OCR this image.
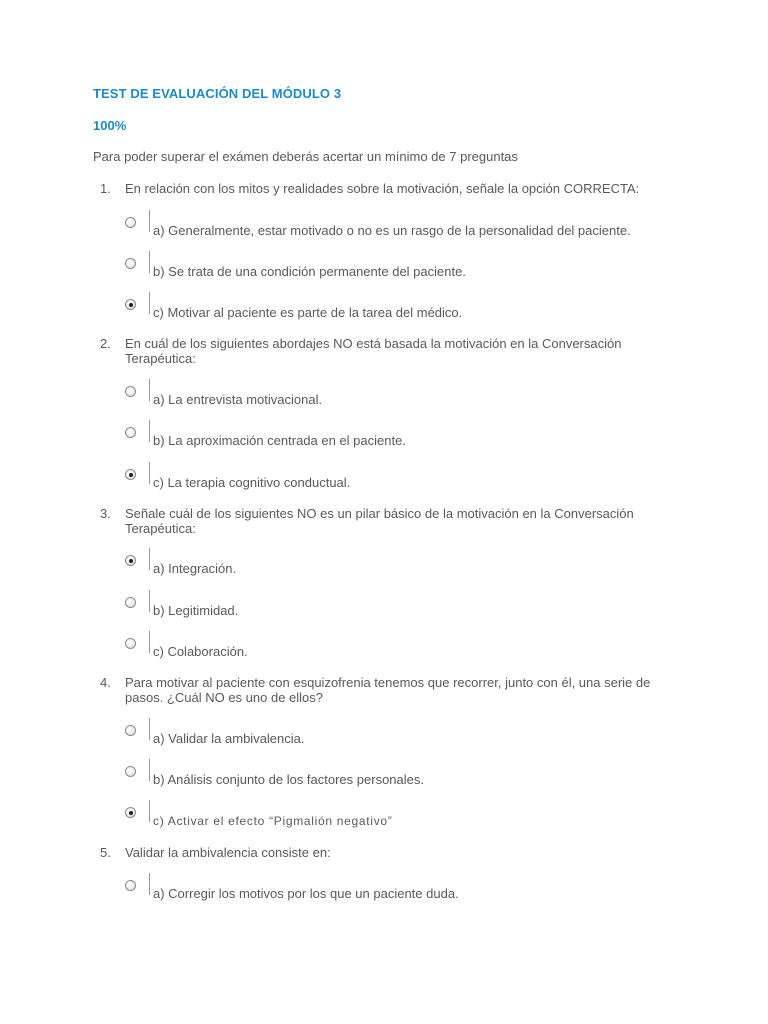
TEST DE EVALUACIÓN DEL MÓDULO 3
100%
Para poder superar el exámen deberás acertar un mínimo de 7 preguntas
1. En relación con los mitos y realidades sobre la motivación, señale la opción CORRECTA:
a) Generalmente, estar motivado o no es un rasgo de la personalidad del paciente.
b) Se trata de una condición permanente del paciente.
c) Motivar al paciente es parte de la tarea del médico.
2. En cuál de los siguientes abordajes NO está basada la motivación en la Conversación Terapéutica:
a) La entrevista motivacional.
b) La aproximación centrada en el paciente.
c) La terapia cognitivo conductual.
3. Señale cuál de los siguientes NO es un pilar básico de la motivación en la Conversación Terapéutica:
a) Integración.
b) Legitimidad.
c) Colaboración.
4. Para motivar al paciente con esquizofrenia tenemos que recorrer, junto con él, una serie de pasos. ¿Cuál NO es uno de ellos?
a) Validar la ambivalencia.
b) Análisis conjunto de los factores personales.
c) Activar el efecto “Pigmalión negativo”
5. Validar la ambivalencia consiste en:
a) Corregir los motivos por los que un paciente duda.
